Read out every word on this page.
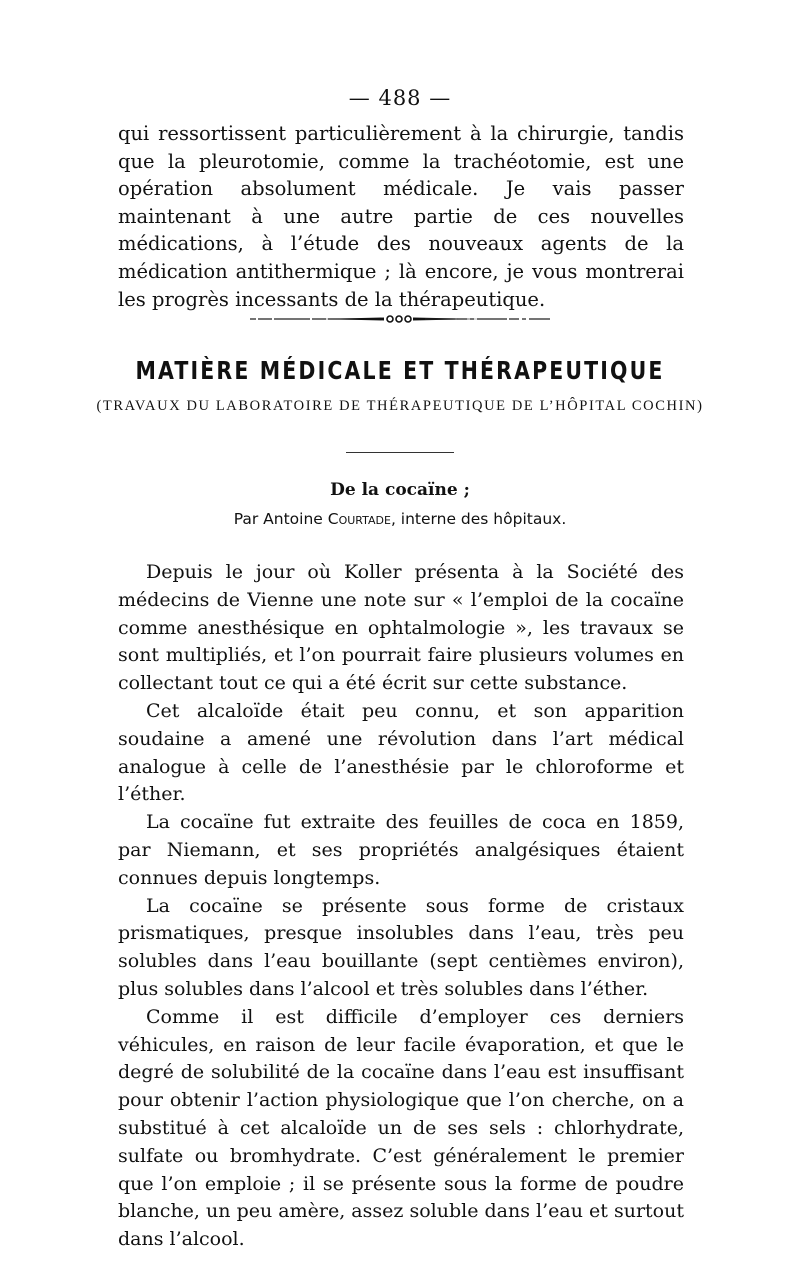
— 488 —

qui ressortissent particulièrement à la chirurgie, tandis que la pleurotomie, comme la trachéotomie, est une opération absolument médicale. Je vais passer maintenant à une autre partie de ces nouvelles médications, à l’étude des nouveaux agents de la médication antithermique ; là encore, je vous montrerai les progrès incessants de la thérapeutique.

MATIÈRE MÉDICALE ET THÉRAPEUTIQUE
(TRAVAUX DU LABORATOIRE DE THÉRAPEUTIQUE DE L’HÔPITAL COCHIN)
De la cocaïne ;
Par Antoine Courtade, interne des hôpitaux.

Depuis le jour où Koller présenta à la Société des médecins de Vienne une note sur « l’emploi de la cocaïne comme anesthésique en ophtalmologie », les travaux se sont multipliés, et l’on pourrait faire plusieurs volumes en collectant tout ce qui a été écrit sur cette substance.

Cet alcaloïde était peu connu, et son apparition soudaine a amené une révolution dans l’art médical analogue à celle de l’anesthésie par le chloroforme et l’éther.

La cocaïne fut extraite des feuilles de coca en 1859, par Niemann, et ses propriétés analgésiques étaient connues depuis longtemps.

La cocaïne se présente sous forme de cristaux prismatiques, presque insolubles dans l’eau, très peu solubles dans l’eau bouillante (sept centièmes environ), plus solubles dans l’alcool et très solubles dans l’éther.

Comme il est difficile d’employer ces derniers véhicules, en raison de leur facile évaporation, et que le degré de solubilité de la cocaïne dans l’eau est insuffisant pour obtenir l’action physiologique que l’on cherche, on a substitué à cet alcaloïde un de ses sels : chlorhydrate, sulfate ou bromhydrate. C’est généralement le premier que l’on emploie ; il se présente sous la forme de poudre blanche, un peu amère, assez soluble dans l’eau et surtout dans l’alcool.
